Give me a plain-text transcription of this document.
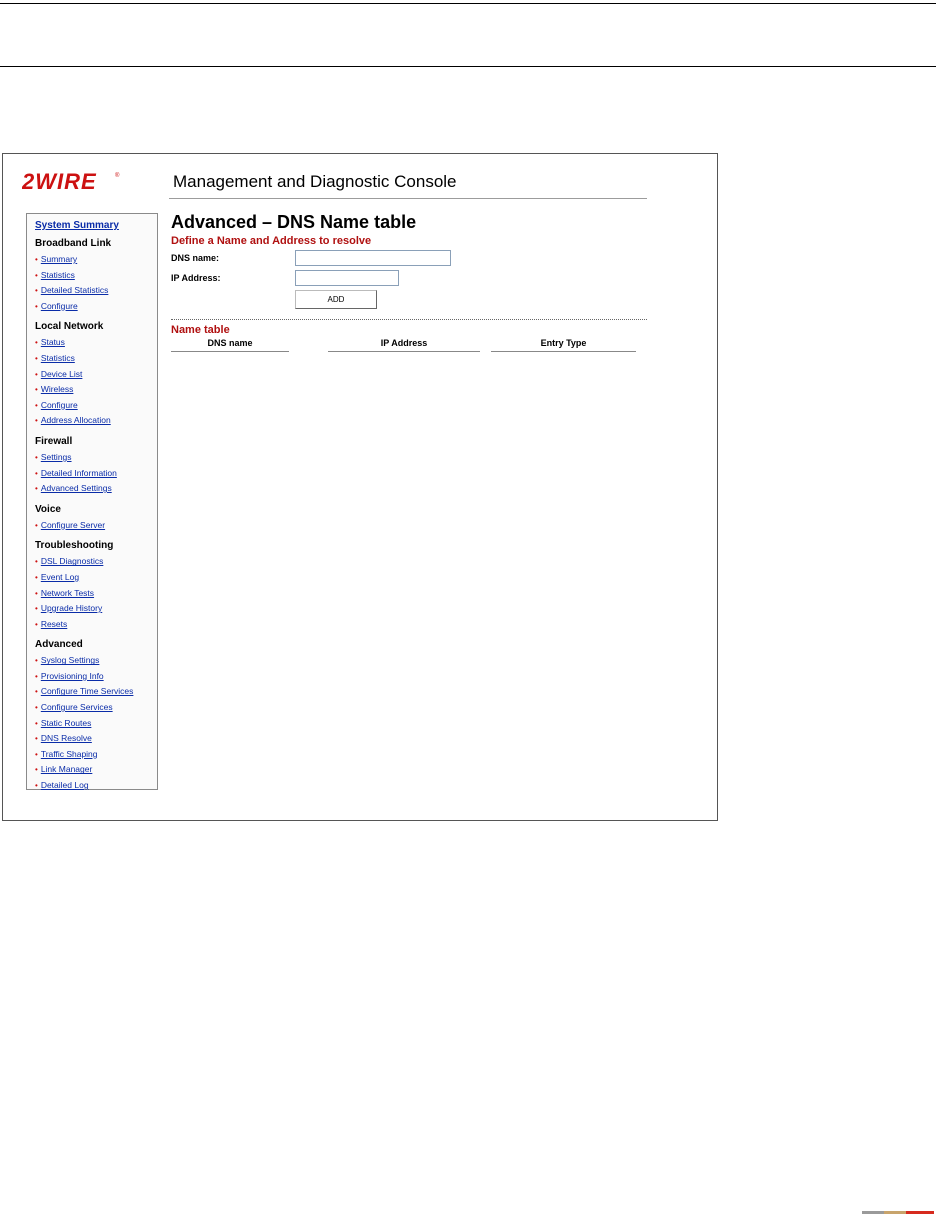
2WIRE	®	Management and Diagnostic Console
System Summary
Broadband Link
• Summary
• Statistics
• Detailed Statistics
• Configure
Local Network
• Status
• Statistics
• Device List
• Wireless
• Configure
• Address Allocation
Firewall
• Settings
• Detailed Information
• Advanced Settings
Voice
• Configure Server
Troubleshooting
• DSL Diagnostics
• Event Log
• Network Tests
• Upgrade History
• Resets
Advanced
• Syslog Settings
• Provisioning Info
• Configure Time Services
• Configure Services
• Static Routes
• DNS Resolve
• Traffic Shaping
• Link Manager
• Detailed Log
Advanced – DNS Name table
Define a Name and Address to resolve
DNS name:
IP Address:
ADD
Name table
DNS name	IP Address	Entry Type
